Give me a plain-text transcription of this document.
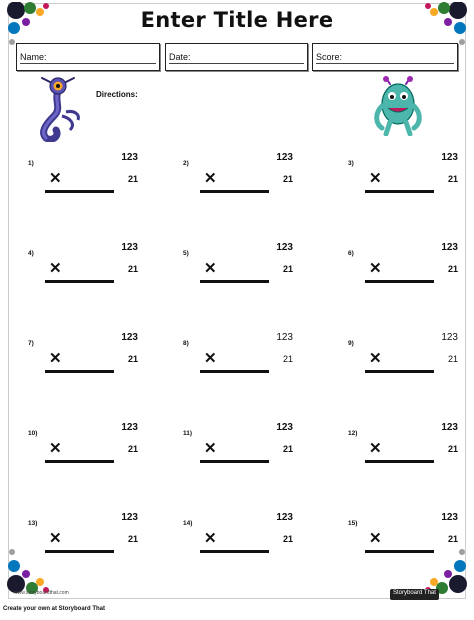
Enter Title Here
Name:	Date:	Score:
Directions:
1)
123
✕	21
2)
123
✕	21
3)
123
✕	21
4)
123
✕	21
5)
123
✕	21
6)
123
✕	21
7)
123
✕	21
8)
123
✕	21
9)
123
✕	21
10)
123
✕	21
11)
123
✕	21
12)
123
✕	21
13)
123
✕	21
14)
123
✕	21
15)
123
✕	21
www.storyboardthat.com	Storyboard That
Create your own at Storyboard That
